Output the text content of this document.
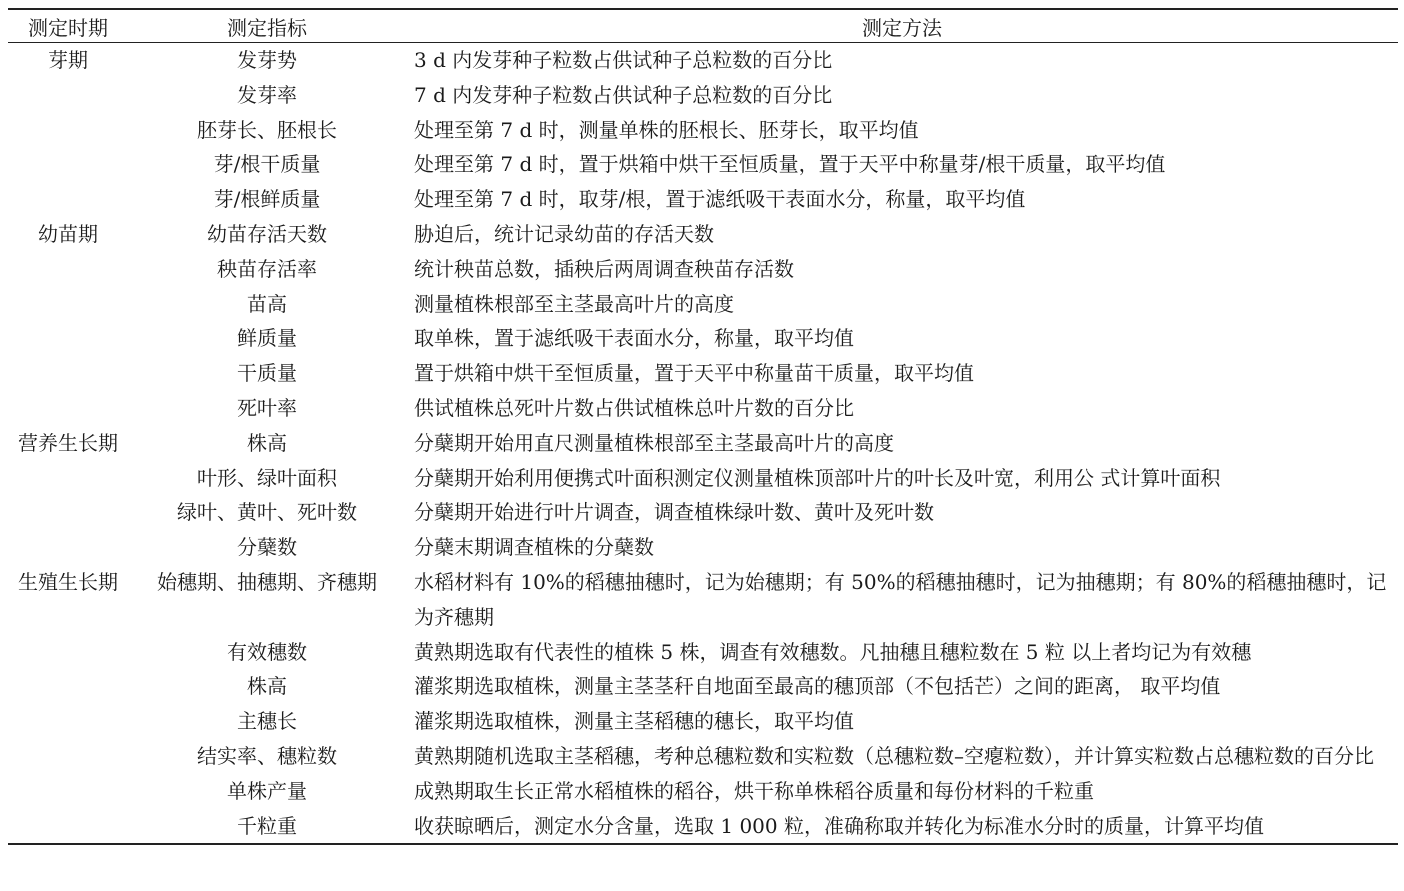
测定时期	测定指标	测定方法
芽期	发芽势	3 d 内发芽种子粒数占供试种子总粒数的百分比
	发芽率	7 d 内发芽种子粒数占供试种子总粒数的百分比
	胚芽长、胚根长	处理至第 7 d 时，测量单株的胚根长、胚芽长，取平均值
	芽/根干质量	处理至第 7 d 时，置于烘箱中烘干至恒质量，置于天平中称量芽/根干质量，取平均值
	芽/根鲜质量	处理至第 7 d 时，取芽/根，置于滤纸吸干表面水分，称量，取平均值
幼苗期	幼苗存活天数	胁迫后，统计记录幼苗的存活天数
	秧苗存活率	统计秧苗总数，插秧后两周调查秧苗存活数
	苗高	测量植株根部至主茎最高叶片的高度
	鲜质量	取单株，置于滤纸吸干表面水分，称量，取平均值
	干质量	置于烘箱中烘干至恒质量，置于天平中称量苗干质量，取平均值
	死叶率	供试植株总死叶片数占供试植株总叶片数的百分比
营养生长期	株高	分蘖期开始用直尺测量植株根部至主茎最高叶片的高度
	叶形、绿叶面积	分蘖期开始利用便携式叶面积测定仪测量植株顶部叶片的叶长及叶宽，利用公 式计算叶面积
	绿叶、黄叶、死叶数	分蘖期开始进行叶片调查，调查植株绿叶数、黄叶及死叶数
	分蘖数	分蘖末期调查植株的分蘖数
生殖生长期	始穗期、抽穗期、齐穗期	水稻材料有 10%的稻穗抽穗时，记为始穗期；有 50%的稻穗抽穗时，记为抽穗期；有 80%的稻穗抽穗时，记为齐穗期
	有效穗数	黄熟期选取有代表性的植株 5 株，调查有效穗数。凡抽穗且穗粒数在 5 粒 以上者均记为有效穗
	株高	灌浆期选取植株，测量主茎茎秆自地面至最高的穗顶部（不包括芒）之间的距离， 取平均值
	主穗长	灌浆期选取植株，测量主茎稻穗的穗长，取平均值
	结实率、穗粒数	黄熟期随机选取主茎稻穗，考种总穗粒数和实粒数（总穗粒数–空瘪粒数），并计算实粒数占总穗粒数的百分比
	单株产量	成熟期取生长正常水稻植株的稻谷，烘干称单株稻谷质量和每份材料的千粒重
	千粒重	收获晾晒后，测定水分含量，选取 1 000 粒，准确称取并转化为标准水分时的质量，计算平均值
